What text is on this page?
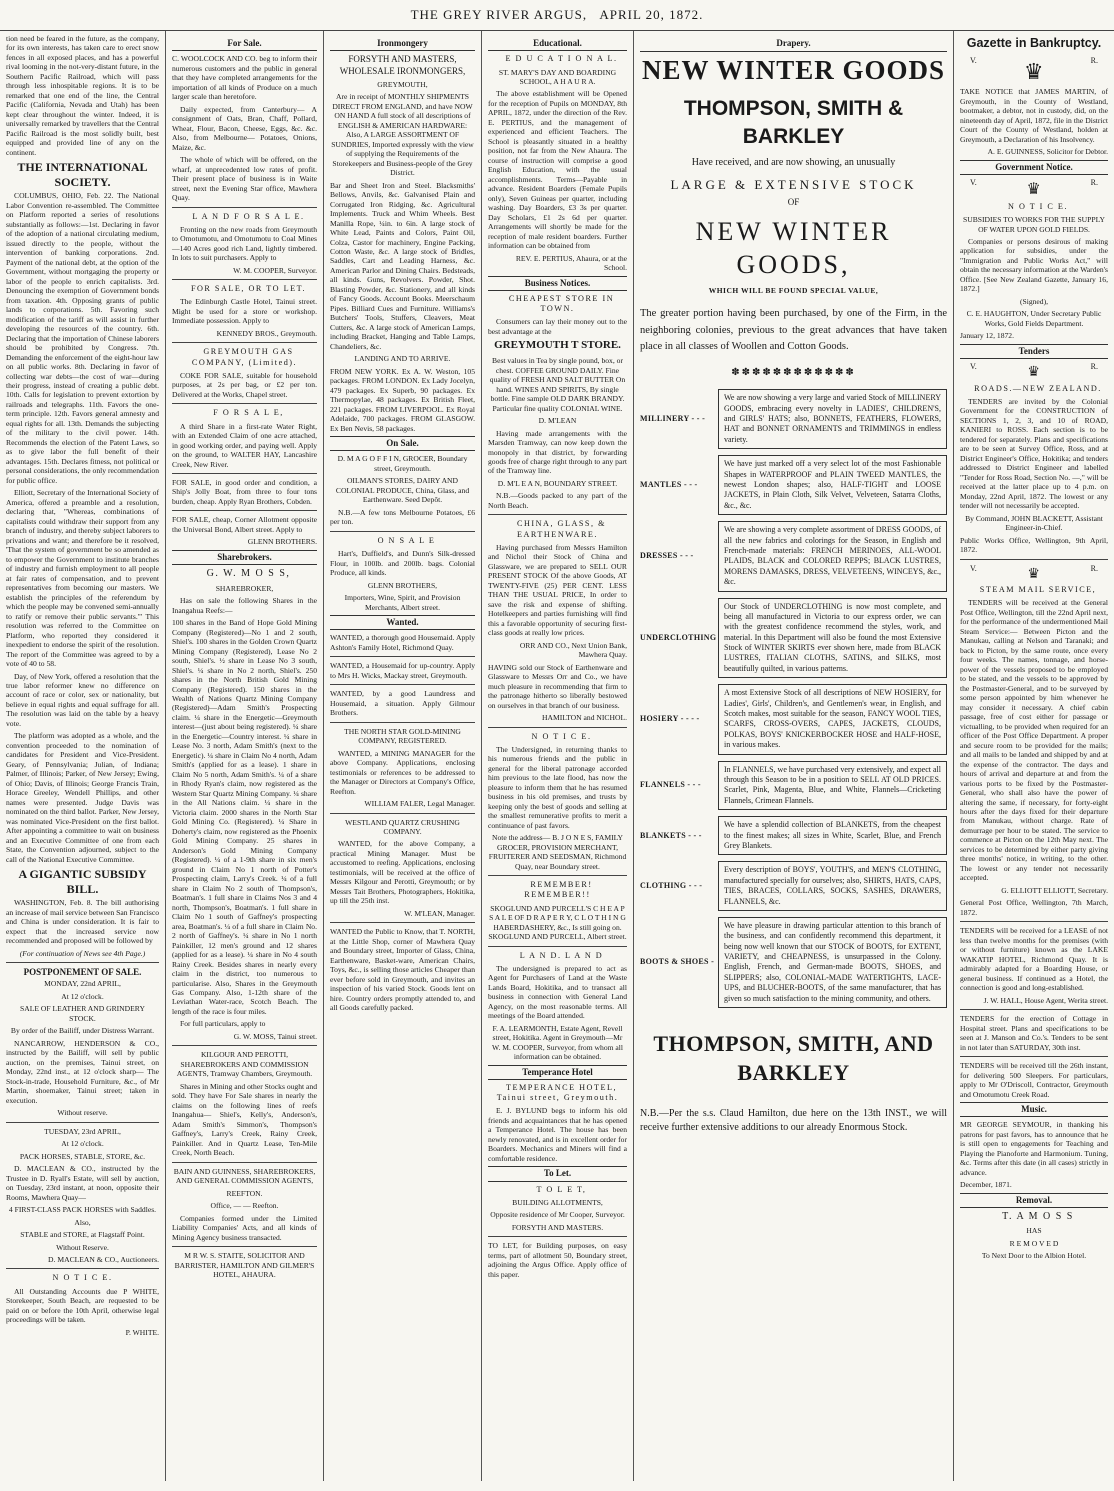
THE GREY RIVER ARGUS, APRIL 20, 1872.

tion need be feared in the future, as the company, for its own interests, has taken care to erect snow fences in all exposed places, and has a powerful rival looming in the not-very-distant future, in the Southern Pacific Railroad, which will pass through less inhospitable regions. It is to be remarked that one end of the line, the Central Pacific (California, Nevada and Utah) has been kept clear throughout the winter. Indeed, it is universally remarked by travellers that the Central Pacific Railroad is the most solidly built, best equipped and provided line of any on the continent.

THE INTERNATIONAL SOCIETY.

COLUMBUS, OHIO, Feb. 22. The National Labor Convention re-assembled. The Committee on Platform reported a series of resolutions substantially as follows:—1st. Declaring in favor of the adoption of a national circulating medium, issued directly to the people, without the intervention of banking corporations. 2nd. Payment of the national debt, at the option of the Government, without mortgaging the property or labor of the people to enrich capitalists. 3rd. Denouncing the exemption of Government bonds from taxation. 4th. Opposing grants of public lands to corporations. 5th. Favoring such modification of the tariff as will assist in further developing the resources of the country. 6th. Declaring that the importation of Chinese laborers should be prohibited by Congress. 7th. Demanding the enforcement of the eight-hour law on all public works. 8th. Declaring in favor of collecting war debts—the cost of war—during their progress, instead of creating a public debt. 10th. Calls for legislation to prevent extortion by railroads and telegraphs. 11th. Favors the one-term principle. 12th. Favors general amnesty and equal rights for all. 13th. Demands the subjecting of the military to the civil power. 14th. Recommends the election of the Patent Laws, so as to give labor the full benefit of their advantages. 15th. Declares fitness, not political or personal considerations, the only recommendation for public office.

Elliott, Secretary of the International Society of America, offered a preamble and a resolution, declaring that, "Whereas, combinations of capitalists could withdraw their support from any branch of industry, and thereby subject laborers to privations and want; and therefore be it resolved, 'That the system of government be so amended as to empower the Government to institute branches of industry and furnish employment to all people at fair rates of compensation, and to prevent representatives from becoming our masters. We establish the principles of the referendum by which the people may be convened semi-annually to ratify or remove their public servants.'" This resolution was referred to the Committee on Platform, who reported they considered it inexpedient to endorse the spirit of the resolution. The report of the Committee was agreed to by a vote of 40 to 58.

Day, of New York, offered a resolution that the true labor reformer knew no difference on account of race or color, sex or nationality, but believe in equal rights and equal suffrage for all. The resolution was laid on the table by a heavy vote.

The platform was adopted as a whole, and the convention proceeded to the nomination of candidates for President and Vice-President. Geary, of Pennsylvania; Julian, of Indiana; Palmer, of Illinois; Parker, of New Jersey; Ewing, of Ohio; Davis, of Illinois; George Francis Train, Horace Greeley, Wendell Phillips, and other names were presented. Judge Davis was nominated on the third ballot. Parker, New Jersey, was nominated Vice-President on the first ballot. After appointing a committee to wait on business and an Executive Committee of one from each State, the Convention adjourned, subject to the call of the National Executive Committee.

A GIGANTIC SUBSIDY BILL.

WASHINGTON, Feb. 8. The bill authorising an increase of mail service between San Francisco and China is under consideration. It is fair to expect that the increased service now recommended and proposed will be followed by

(For continuation of News see 4th Page.)

POSTPONEMENT OF SALE.

MONDAY, 22nd APRIL,

At 12 o'clock.

SALE OF LEATHER AND GRINDERY STOCK.

By order of the Bailiff, under Distress Warrant.

NANCARROW, HENDERSON & CO., instructed by the Bailiff, will sell by public auction, on the premises, Tainui street, on Monday, 22nd inst., at 12 o'clock sharp— The Stock-in-trade, Household Furniture, &c., of Mr Martin, shoemaker, Tainui street; taken in execution.

Without reserve.

TUESDAY, 23rd APRIL,

At 12 o'clock.

PACK HORSES, STABLE, STORE, &c.

D. MACLEAN & CO., instructed by the Trustee in D. Ryall's Estate, will sell by auction, on Tuesday, 23rd instant, at noon, opposite their Rooms, Mawhera Quay—

4 FIRST-CLASS PACK HORSES with Saddles.

Also,

STABLE and STORE, at Flagstaff Point.

Without Reserve.

D. MACLEAN & CO., Auctioneers.

N O T I C E.

All Outstanding Accounts due P WHITE, Storekeeper, South Beach, are requested to be paid on or before the 10th April, otherwise legal proceedings will be taken.

P. WHITE.

For Sale.

C. WOOLCOCK AND CO. beg to inform their numerous customers and the public in general that they have completed arrangements for the importation of all kinds of Produce on a much larger scale than heretofore.

Daily expected, from Canterbury— A consignment of Oats, Bran, Chaff, Pollard, Wheat, Flour, Bacon, Cheese, Eggs, &c. &c. Also, from Melbourne— Potatoes, Onions, Maize, &c.

The whole of which will be offered, on the wharf, at unprecedented low rates of profit. Their present place of business is in Waite street, next the Evening Star office, Mawhera Quay.

L A N D F O R S A L E.

Fronting on the new roads from Greymouth to Omotumotu, and Omotumotu to Coal Mines—140 Acres good rich Land, lightly timbered. In lots to suit purchasers. Apply to

W. M. COOPER, Surveyor.

FOR SALE, OR TO LET.

The Edinburgh Castle Hotel, Tainui street. Might be used for a store or workshop. Immediate possession. Apply to

KENNEDY BROS., Greymouth.

GREYMOUTH GAS COMPANY, (Limited).

COKE FOR SALE, suitable for household purposes, at 2s per bag, or £2 per ton. Delivered at the Works, Chapel street.

F O R S A L E,

A third Share in a first-rate Water Right, with an Extended Claim of one acre attached, in good working order, and paying well. Apply on the ground, to WALTER HAY, Lancashire Creek, New River.

FOR SALE, in good order and condition, a Ship's Jolly Boat, from three to four tons burden, cheap. Apply Ryan Brothers, Cobden.

FOR SALE, cheap, Corner Allotment opposite the Universal Bond, Albert street. Apply to

GLENN BROTHERS.

Sharebrokers.

G. W. M O S S,

SHAREBROKER,

Has on sale the following Shares in the Inangahua Reefs:—

100 shares in the Band of Hope Gold Mining Company (Registered)—No 1 and 2 south, Shiel's. 100 shares in the Golden Crown Quartz Mining Company (Registered), Lease No 2 south, Shiel's. ½ share in Lease No 3 south, Shiel's. ¼ share in No 2 north, Shiel's. 250 shares in the North British Gold Mining Company (Registered). 150 shares in the Wealth of Nations Quartz Mining Company (Registered)—Adam Smith's Prospecting claim. ¼ share in the Energetic—Greymouth interest—(just about being registered). ¼ share in the Energetic—Country interest. ¼ share in Lease No. 3 north, Adam Smith's (next to the Energetic). ¼ share in Claim No 4 north, Adam Smith's (applied for as a lease). 1 share in Claim No 5 north, Adam Smith's. ¼ of a share in Rhody Ryan's claim, now registered as the Western Star Quartz Mining Company. ¼ share in the All Nations claim. ¼ share in the Victoria claim. 2000 shares in the North Star Gold Mining Co. (Registered). ¼ Share in Doherty's claim, now registered as the Phoenix Gold Mining Company. 25 shares in Anderson's Gold Mining Company (Registered). ¼ of a 1-9th share in six men's ground in Claim No 1 north of Potter's Prospecting claim, Larry's Creek. ¼ of a full share in Claim No 2 south of Thompson's, Boatman's. 1 full share in Claims Nos 3 and 4 north, Thompson's, Boatman's. 1 full share in Claim No 1 south of Gaffney's prospecting area, Boatman's. ¼ of a full share in Claim No. 2 north of Gaffney's. ¼ share in No 1 north Painkiller, 12 men's ground and 12 shares (applied for as a lease). ¼ share in No 4 south Rainy Creek. Besides shares in nearly every claim in the district, too numerous to particularise. Also, Shares in the Greymouth Gas Company. Also, 1-12th share of the Leviathan Water-race, Scotch Beach. The length of the race is four miles.

For full particulars, apply to

G. W. MOSS, Tainui street.

KILGOUR AND PEROTTI, SHAREBROKERS AND COMMISSION AGENTS, Tramway Chambers, Greymouth.

Shares in Mining and other Stocks ought and sold. They have For Sale shares in nearly the claims on the following lines of reefs Inangahua— Shiel's, Kelly's, Anderson's, Adam Smith's Simmon's, Thompson's Gaffney's, Larry's Creek, Rainy Creek, Painkiller. And in Quartz Lease, Ten-Mile Creek, North Beach.

BAIN AND GUINNESS, SHAREBROKERS, AND GENERAL COMMISSION AGENTS,

REEFTON.

Office, — — Reefton.

Companies formed under the Limited Liability Companies' Acts, and all kinds of Mining Agency business transacted.

M R W. S. STAITE, SOLICITOR AND BARRISTER, HAMILTON AND GILMER'S HOTEL, AHAURA.

Ironmongery

FORSYTH AND MASTERS, WHOLESALE IRONMONGERS,

GREYMOUTH,

Are in receipt of MONTHLY SHIPMENTS DIRECT FROM ENGLAND, and have NOW ON HAND A full stock of all descriptions of ENGLISH & AMERICAN HARDWARE: Also, A LARGE ASSORTMENT OF SUNDRIES, Imported expressly with the view of supplying the Requirements of the Storekeepers and Business-people of the Grey District.

Bar and Sheet Iron and Steel. Blacksmiths' Bellows, Anvils, &c. Galvanised Plain and Corrugated Iron Ridging, &c. Agricultural Implements. Truck and Whim Wheels. Best Manilla Rope, ¼in. to 6in. A large stock of White Lead, Paints and Colors, Paint Oil, Colza, Castor for machinery, Engine Packing, Cotton Waste, &c. A large stock of Bridles, Saddles, Cart and Leading Harness, &c. American Parlor and Dining Chairs. Bedsteads, all kinds. Guns, Revolvers. Powder, Shot. Blasting Powder, &c. Stationery, and all kinds of Fancy Goods. Account Books. Meerschaum Pipes. Billiard Cues and Furniture. Williams's Butchers' Tools, Stuffers, Cleavers, Meat Cutters, &c. A large stock of American Lamps, including Bracket, Hanging and Table Lamps, Chandeliers, &c.

LANDING AND TO ARRIVE.

FROM NEW YORK. Ex A. W. Weston, 105 packages. FROM LONDON. Ex Lady Jocelyn, 479 packages. Ex Superb, 90 packages. Ex Thermopylae, 48 packages. Ex British Fleet, 221 packages. FROM LIVERPOOL. Ex Royal Adelaide, 700 packages. FROM GLASGOW. Ex Ben Nevis, 58 packages.

On Sale.

D. M A G O F F I N, GROCER, Boundary street, Greymouth.

OILMAN'S STORES, DAIRY AND COLONIAL PRODUCE, China, Glass, and Earthenware. Seed Depôt.

N.B.—A few tons Melbourne Potatoes, £6 per ton.

O N S A L E

Hart's, Duffield's, and Dunn's Silk-dressed Flour, in 100lb. and 200lb. bags. Colonial Produce, all kinds.

GLENN BROTHERS,

Importers, Wine, Spirit, and Provision Merchants, Albert street.

Wanted.

WANTED, a thorough good Housemaid. Apply Ashton's Family Hotel, Richmond Quay.

WANTED, a Housemaid for up-country. Apply to Mrs H. Wicks, Mackay street, Greymouth.

WANTED, by a good Laundress and Housemaid, a situation. Apply Gilmour Brothers.

THE NORTH STAR GOLD-MINING COMPANY, REGISTERED.

WANTED, a MINING MANAGER for the above Company. Applications, enclosing testimonials or references to be addressed to the Manager or Directors at Company's Office, Reefton.

WILLIAM FALER, Legal Manager.

WESTLAND QUARTZ CRUSHING COMPANY.

WANTED, for the above Company, a practical Mining Manager. Must be accustomed to reefing. Applications, enclosing testimonials, will be received at the office of Messrs Kilgour and Perotti, Greymouth; or by Messrs Tait Brothers, Photographers, Hokitika, up till the 25th inst.

W. M'LEAN, Manager.

WANTED the Public to Know, that T. NORTH, at the Little Shop, corner of Mawhera Quay and Boundary street, Importer of Glass, China, Earthenware, Basket-ware, American Chairs, Toys, &c., is selling those articles Cheaper than ever before sold in Greymouth, and invites an inspection of his varied Stock. Goods lent on hire. Country orders promptly attended to, and all Goods carefully packed.

Educational.

E D U C A T I O N A L.

ST. MARY'S DAY AND BOARDING SCHOOL, A H A U R A.

The above establishment will be Opened for the reception of Pupils on MONDAY, 8th APRIL, 1872, under the direction of the Rev. E. PERTIUS, and the management of experienced and efficient Teachers. The School is pleasantly situated in a healthy position, not far from the New Ahaura. The course of instruction will comprise a good English Education, with the usual accomplishments. Terms—Payable in advance. Resident Boarders (Female Pupils only), Seven Guineas per quarter, including washing. Day Boarders, £3 3s per quarter. Day Scholars, £1 2s 6d per quarter. Arrangements will shortly be made for the reception of male resident boarders. Further information can be obtained from

REV. E. PERTIUS, Ahaura, or at the School.

Business Notices.

CHEAPEST STORE IN TOWN.

Consumers can lay their money out to the best advantage at the

GREYMOUTH T STORE.

Best values in Tea by single pound, box, or chest. COFFEE GROUND DAILY. Fine quality of FRESH AND SALT BUTTER On hand. WINES AND SPIRITS, By single bottle. Fine sample OLD DARK BRANDY. Particular fine quality COLONIAL WINE.

D. M'LEAN

Having made arrangements with the Marsden Tramway, can now keep down the monopoly in that district, by forwarding goods free of charge right through to any part of the Tramway line.

D. M'L E A N, BOUNDARY STREET.

N.B.—Goods packed to any part of the North Beach.

CHINA, GLASS, & EARTHENWARE.

Having purchased from Messrs Hamilton and Nichol their Stock of China and Glassware, we are prepared to SELL OUR PRESENT STOCK Of the above Goods, AT TWENTY-FIVE (25) PER CENT. LESS THAN THE USUAL PRICE, In order to save the risk and expense of shifting. Hotelkeepers and parties furnishing will find this a favorable opportunity of securing first-class goods at really low prices.

ORR AND CO., Next Union Bank, Mawhera Quay.

HAVING sold our Stock of Earthenware and Glassware to Messrs Orr and Co., we have much pleasure in recommending that firm to the patronage hitherto so liberally bestowed on ourselves in that branch of our business.

HAMILTON and NICHOL.

N O T I C E.

The Undersigned, in returning thanks to his numerous friends and the public in general for the liberal patronage accorded him previous to the late flood, has now the pleasure to inform them that he has resumed business in his old premises, and trusts by keeping only the best of goods and selling at the smallest remunerative profits to merit a continuance of past favors.

Note the address— B. J O N E S, FAMILY GROCER, PROVISION MERCHANT, FRUITERER AND SEEDSMAN, Richmond Quay, near Boundary street.

REMEMBER! REMEMBER!!

SKOGLUND AND PURCELL'S C H E A P S A L E OF D R A P E R Y, C L O T H I N G HABERDASHERY, &c., Is still going on. SKOGLUND AND PURCELL, Albert street.

L A N D. L A N D

The undersigned is prepared to act as Agent for Purchasers of Land at the Waste Lands Board, Hokitika, and to transact all business in connection with General Land Agency, on the most reasonable terms. All meetings of the Board attended.

F. A. LEARMONTH, Estate Agent, Revell street, Hokitika. Agent in Greymouth—Mr W. M. COOPER, Surveyor, from whom all information can be obtained.

Temperance Hotel

TEMPERANCE HOTEL, Tainui street, Greymouth.

E. J. BYLUND begs to inform his old friends and acquaintances that he has opened a Temperance Hotel. The house has been newly renovated, and is in excellent order for Boarders. Mechanics and Miners will find a comfortable residence.

To Let.

T O L E T,

BUILDING ALLOTMENTS,

Opposite residence of Mr Cooper, Surveyor.

FORSYTH AND MASTERS.

TO LET, for Building purposes, on easy terms, part of allotment 50, Boundary street, adjoining the Argus Office. Apply office of this paper.

Drapery.
NEW WINTER GOODS
THOMPSON, SMITH & BARKLEY
Have received, and are now showing, an unusually
LARGE & EXTENSIVE STOCK
OF
NEW WINTER GOODS,
WHICH WILL BE FOUND SPECIAL VALUE,
The greater portion having been purchased, by one of the Firm, in the neighboring colonies, previous to the great advances that have taken place in all classes of Woollen and Cotton Goods.
✽✽✽✽✽✽✽✽✽✽✽✽
MILLINERY - - -
We are now showing a very large and varied Stock of MILLINERY GOODS, embracing every novelty in LADIES', CHILDREN'S, and GIRLS' HATS; also, BONNETS, FEATHERS, FLOWERS, HAT and BONNET ORNAMENTS and TRIMMINGS in endless variety.
MANTLES - - -
We have just marked off a very select lot of the most Fashionable Shapes in WATERPROOF and PLAIN TWEED MANTLES, the newest London shapes; also, HALF-TIGHT and LOOSE JACKETS, in Plain Cloth, Silk Velvet, Velveteen, Satarra Cloths, &c., &c.
DRESSES - - -
We are showing a very complete assortment of DRESS GOODS, of all the new fabrics and colorings for the Season, in English and French-made materials: FRENCH MERINOES, ALL-WOOL PLAIDS, BLACK and COLORED REPPS; BLACK LUSTRES, MORENS DAMASKS, DRESS, VELVETEENS, WINCEYS, &c., &c.
UNDERCLOTHING
Our Stock of UNDERCLOTHING is now most complete, and being all manufactured in Victoria to our express order, we can with the greatest confidence recommend the styles, work, and material. In this Department will also be found the most Extensive Stock of WINTER SKIRTS ever shown here, made from BLACK LUSTRES, ITALIAN CLOTHS, SATINS, and SILKS, most beautifully quilted, in various patterns.
HOSIERY - - - -
A most Extensive Stock of all descriptions of NEW HOSIERY, for Ladies', Girls', Children's, and Gentlemen's wear, in English, and Scotch makes, most suitable for the season, FANCY WOOL TIES, SCARFS, CROSS-OVERS, CAPES, JACKETS, CLOUDS, POLKAS, BOYS' KNICKERBOCKER HOSE and HALF-HOSE, in various makes.
FLANNELS - - -
In FLANNELS, we have purchased very extensively, and expect all through this Season to be in a position to SELL AT OLD PRICES. Scarlet, Pink, Magenta, Blue, and White, Flannels—Cricketing Flannels, Crimean Flannels.
BLANKETS - - -
We have a splendid collection of BLANKETS, from the cheapest to the finest makes; all sizes in White, Scarlet, Blue, and French Grey Blankets.
CLOTHING - - -
Every description of BOYS', YOUTH'S, and MEN'S CLOTHING, manufactured specially for ourselves; also, SHIRTS, HATS, CAPS, TIES, BRACES, COLLARS, SOCKS, SASHES, DRAWERS, FLANNELS, &c.
BOOTS & SHOES -
We have pleasure in drawing particular attention to this branch of the business, and can confidently recommend this department, it being now well known that our STOCK of BOOTS, for EXTENT, VARIETY, and CHEAPNESS, is unsurpassed in the Colony. English, French, and German-made BOOTS, SHOES, and SLIPPERS; also, COLONIAL-MADE WATERTIGHTS, LACE-UPS, and BLUCHER-BOOTS, of the same manufacturer, that has given so much satisfaction to the mining community, and others.
THOMPSON, SMITH, AND BARKLEY
N.B.—Per the s.s. Claud Hamilton, due here on the 13th INST., we will receive further extensive additions to our already Enormous Stock.
Gazette in Bankruptcy.
V. ♛	R.

TAKE NOTICE that JAMES MARTIN, of Greymouth, in the County of Westland, bootmaker, a debtor, not in custody, did, on the nineteenth day of April, 1872, file in the District Court of the County of Westland, holden at Greymouth, a Declaration of his Insolvency.

A. E. GUINNESS, Solicitor for Debtor.

Government Notice.
V.	♛	R.

N O T I C E.

SUBSIDIES TO WORKS FOR THE SUPPLY OF WATER UPON GOLD FIELDS.

Companies or persons desirous of making application for subsidies, under the "Immigration and Public Works Act," will obtain the necessary information at the Warden's Office. [See New Zealand Gazette, January 16, 1872.]

(Signed),

C. E. HAUGHTON, Under Secretary Public Works, Gold Fields Department.

January 12, 1872.

Tenders
V.	♛	R.

ROADS.—NEW ZEALAND.

TENDERS are invited by the Colonial Government for the CONSTRUCTION of SECTIONS 1, 2, 3, and 10 of ROAD, KANIERI to ROSS. Each section is to be tendered for separately. Plans and specifications are to be seen at Survey Office, Ross, and at District Engineer's Office, Hokitika; and tenders addressed to District Engineer and labelled "Tender for Ross Road, Section No. —," will be received at the latter place up to 4 p.m. on Monday, 22nd April, 1872. The lowest or any tender will not necessarily be accepted.

By Command, JOHN BLACKETT, Assistant Engineer-in-Chief.

Public Works Office, Wellington, 9th April, 1872.

V.	♛	R.

STEAM MAIL SERVICE,

TENDERS will be received at the General Post Office, Wellington, till the 22nd April next, for the performance of the undermentioned Mail Steam Service:— Between Picton and the Manukau, calling at Nelson and Taranaki; and back to Picton, by the same route, once every four weeks. The names, tonnage, and horse-power of the vessels proposed to be employed to be stated, and the vessels to be approved by the Postmaster-General, and to be surveyed by some person appointed by him whenever he may consider it necessary. A chief cabin passage, free of cost either for passage or victualling, to be provided when required for an officer of the Post Office Department. A proper and secure room to be provided for the mails; and all mails to be landed and shipped by and at the expense of the contractor. The days and hours of arrival and departure at and from the various ports to be fixed by the Postmaster-General, who shall also have the power of altering the same, if necessary, for forty-eight hours after the days fixed for their departure from Manukau, without charge. Rate of demurrage per hour to be stated. The service to commence at Picton on the 12th May next. The services to be determined by either party giving three months' notice, in writing, to the other. The lowest or any tender not necessarily accepted.

G. ELLIOTT ELLIOTT, Secretary.

General Post Office, Wellington, 7th March, 1872.

TENDERS will be received for a LEASE of not less than twelve months for the premises (with or without furniture) known as the LAKE WAKATIP HOTEL, Richmond Quay. It is admirably adapted for a Boarding House, or general business. If continued as a Hotel, the connection is good and long-established.

J. W. HALL, House Agent, Werita street.

TENDERS for the erection of Cottage in Hospital street. Plans and specifications to be seen at J. Manson and Co.'s. Tenders to be sent in not later than SATURDAY, 30th inst.

TENDERS will be received till the 26th instant, for delivering 500 Sleepers. For particulars, apply to Mr O'Driscoll, Contractor, Greymouth and Omotumotu Creek Road.

Music.

MR GEORGE SEYMOUR, in thanking his patrons for past favors, has to announce that he is still open to engagements for Teaching and Playing the Pianoforte and Harmonium. Tuning, &c. Terms after this date (in all cases) strictly in advance.

December, 1871.

Removal.

T. A M O S S

HAS

R E M O V E D

To Next Door to the Albion Hotel.
